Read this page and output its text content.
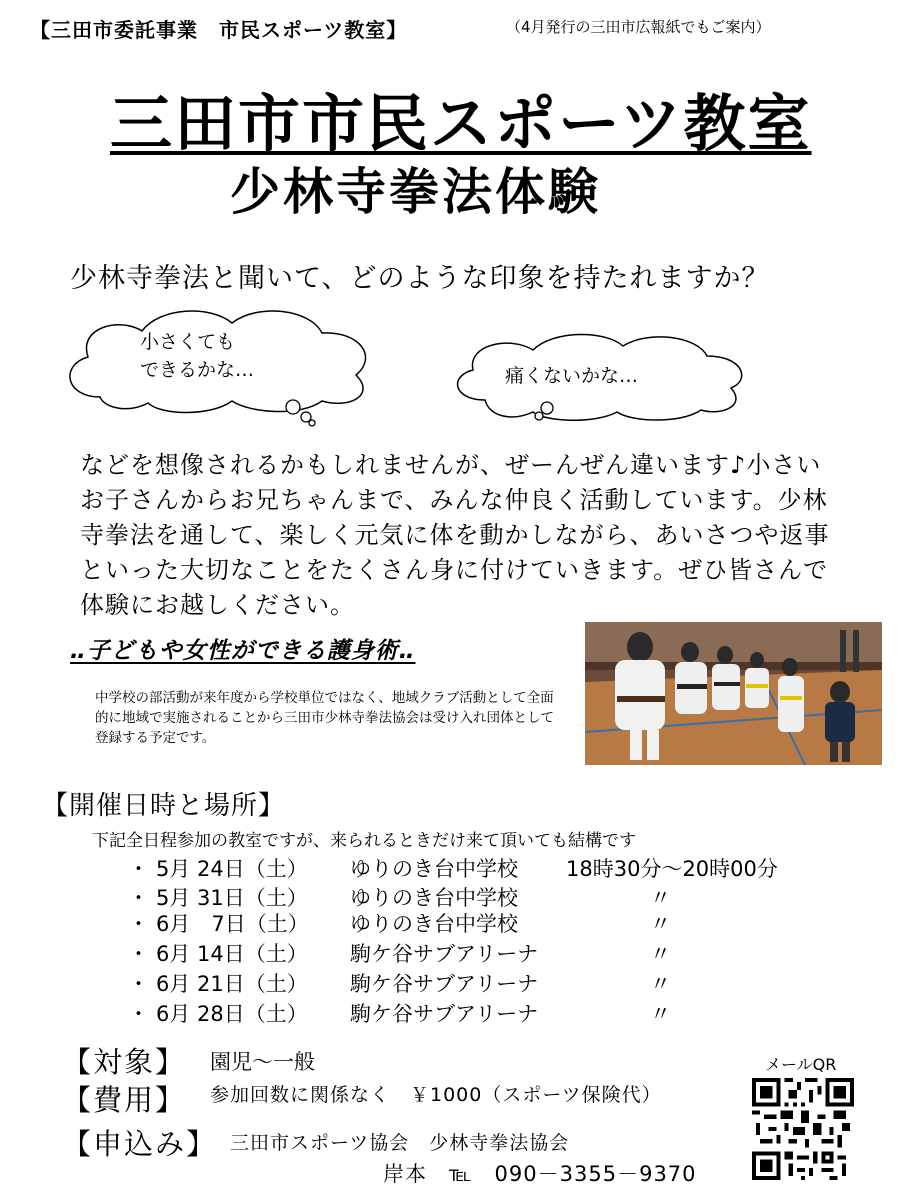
【三田市委託事業　市民スポーツ教室】	（4月発行の三田市広報紙でもご案内）
三田市市民スポーツ教室
少林寺拳法体験
少林寺拳法と聞いて、どのような印象を持たれますか？
小さくても
できるかな…	痛くないかな…
などを想像されるかもしれませんが、ぜーんぜん違います♪小さいお子さんからお兄ちゃんまで、みんな仲良く活動しています。少林寺拳法を通して、楽しく元気に体を動かしながら、あいさつや返事といった大切なことをたくさん身に付けていきます。ぜひ皆さんで体験にお越しください。
‥子どもや女性ができる護身術‥
中学校の部活動が来年度から学校単位ではなく、地域クラブ活動として全面的に地域で実施されることから三田市少林寺拳法協会は受け入れ団体として登録する予定です。
【開催日時と場所】
下記全日程参加の教室ですが、来られるときだけ来て頂いても結構です
・ 5月 24日（土） ゆりのき台中学校 18時30分～20時00分
・ 5月 31日（土） ゆりのき台中学校	〃
・ 6月　7日（土） ゆりのき台中学校	〃
・ 6月 14日（土） 駒ケ谷サブアリーナ	〃
・ 6月 21日（土） 駒ケ谷サブアリーナ	〃
・ 6月 28日（土） 駒ケ谷サブアリーナ	〃
【対象】 園児～一般
【費用】 参加回数に関係なく　￥1000（スポーツ保険代）
【申込み】 三田市スポーツ協会　少林寺拳法協会
岸本　℡　090－3355－9370
メールQR
